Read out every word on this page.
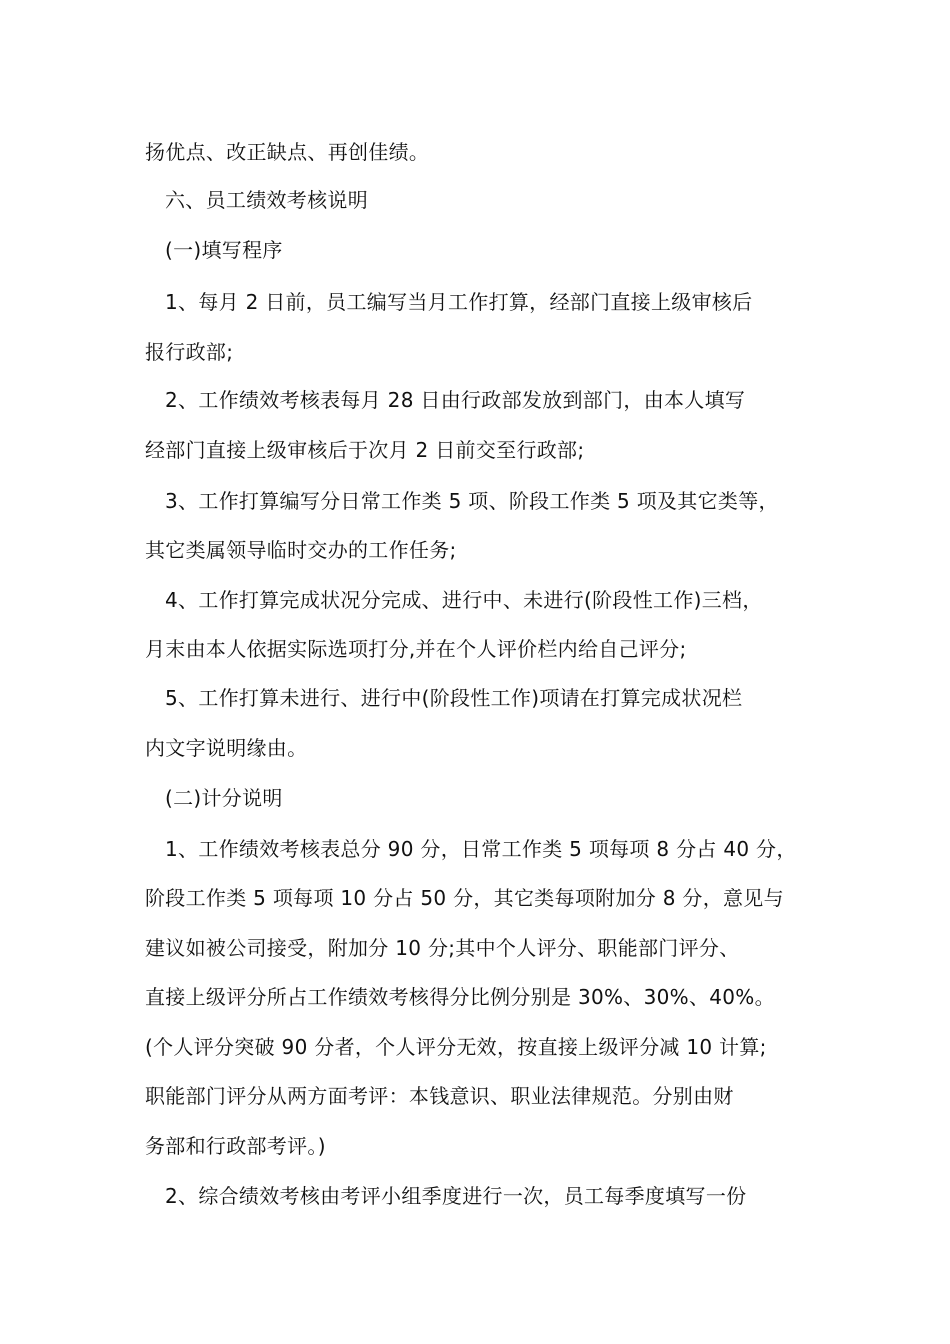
扬优点、改正缺点、再创佳绩。
六、员工绩效考核说明
(一)填写程序
1、每月 2 日前，员工编写当月工作打算，经部门直接上级审核后
报行政部;
2、工作绩效考核表每月 28 日由行政部发放到部门，由本人填写
经部门直接上级审核后于次月 2 日前交至行政部;
3、工作打算编写分日常工作类 5 项、阶段工作类 5 项及其它类等，
其它类属领导临时交办的工作任务;
4、工作打算完成状况分完成、进行中、未进行(阶段性工作)三档，
月末由本人依据实际选项打分,并在个人评价栏内给自己评分;
5、工作打算未进行、进行中(阶段性工作)项请在打算完成状况栏
内文字说明缘由。
(二)计分说明
1、工作绩效考核表总分 90 分，日常工作类 5 项每项 8 分占 40 分，
阶段工作类 5 项每项 10 分占 50 分，其它类每项附加分 8 分，意见与
建议如被公司接受，附加分 10 分;其中个人评分、职能部门评分、
直接上级评分所占工作绩效考核得分比例分别是 30%、30%、40%。
(个人评分突破 90 分者，个人评分无效，按直接上级评分减 10 计算;
职能部门评分从两方面考评：本钱意识、职业法律规范。分别由财
务部和行政部考评。)
2、综合绩效考核由考评小组季度进行一次，员工每季度填写一份
